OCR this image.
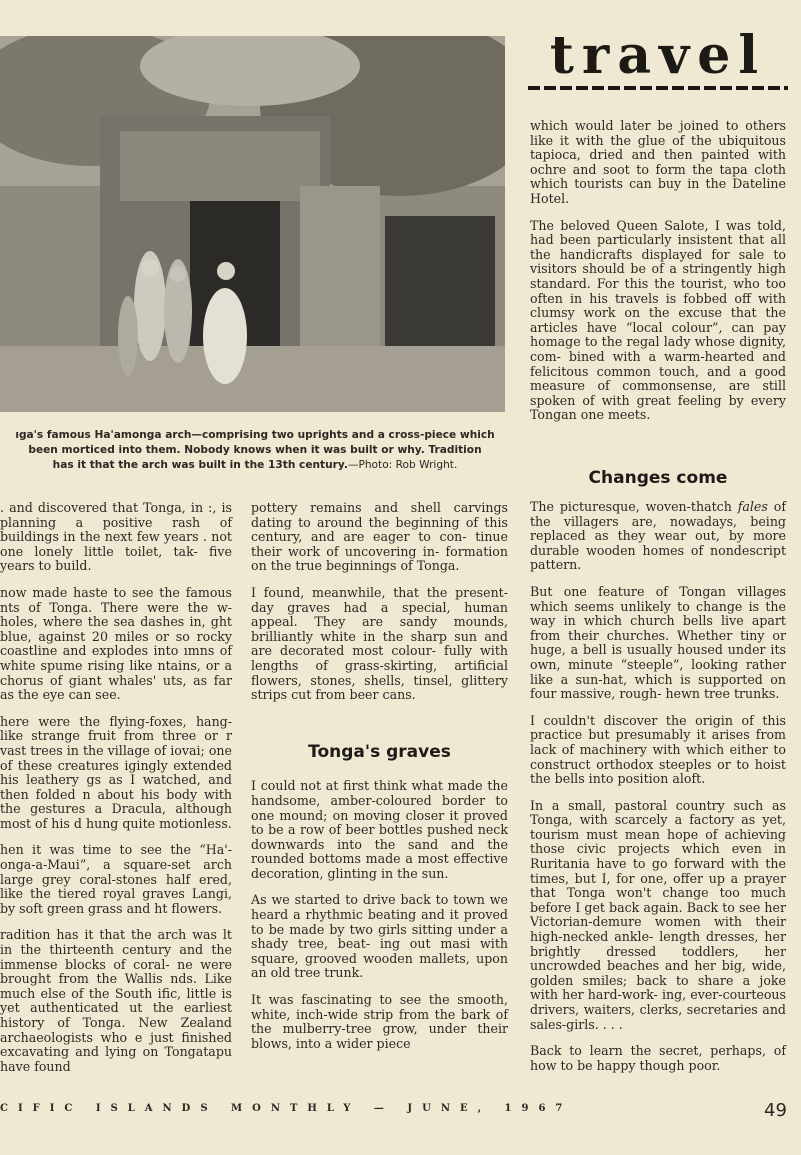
ıga's famous Ha'amonga arch—comprising two uprights and a cross-piece which
been morticed into them. Nobody knows when it was built or why. Tradition
has it that the arch was built in the 13th century.—Photo: Rob Wright.
travel

. and discovered that Tonga, in :, is planning a positive rash of buildings in the next few years . not one lonely little toilet, tak- five years to build.

now made haste to see the famous nts of Tonga. There were the w-holes, where the sea dashes in, ght blue, against 20 miles or so rocky coastline and explodes into ımns of white spume rising like ntains, or a chorus of giant whales' uts, as far as the eye can see.

here were the flying-foxes, hang- like strange fruit from three or r vast trees in the village of iovai; one of these creatures igingly extended his leathery gs as I watched, and then folded n about his body with the gestures a Dracula, although most of his d hung quite motionless.

hen it was time to see the “Ha'- onga-a-Maui”, a square-set arch large grey coral-stones half ered, like the tiered royal graves Langi, by soft green grass and ht flowers.

radition has it that the arch was lt in the thirteenth century and the immense blocks of coral- ne were brought from the Wallis nds. Like much else of the South ific, little is yet authenticated ut the earliest history of Tonga. New Zealand archaeologists who e just finished excavating and lying on Tongatapu have found

pottery remains and shell carvings dating to around the beginning of this century, and are eager to con- tinue their work of uncovering in- formation on the true beginnings of Tonga.

I found, meanwhile, that the present-day graves had a special, human appeal. They are sandy mounds, brilliantly white in the sharp sun and are decorated most colour- fully with lengths of grass-skirting, artificial flowers, stones, shells, tinsel, glittery strips cut from beer cans.

Tonga's graves

I could not at first think what made the handsome, amber-coloured border to one mound; on moving closer it proved to be a row of beer bottles pushed neck downwards into the sand and the rounded bottoms made a most effective decoration, glinting in the sun.

As we started to drive back to town we heard a rhythmic beating and it proved to be made by two girls sitting under a shady tree, beat- ing out masi with square, grooved wooden mallets, upon an old tree trunk.

It was fascinating to see the smooth, white, inch-wide strip from the bark of the mulberry-tree grow, under their blows, into a wider piece

which would later be joined to others like it with the glue of the ubiquitous tapioca, dried and then painted with ochre and soot to form the tapa cloth which tourists can buy in the Dateline Hotel.

The beloved Queen Salote, I was told, had been particularly insistent that all the handicrafts displayed for sale to visitors should be of a stringently high standard. For this the tourist, who too often in his travels is fobbed off with clumsy work on the excuse that the articles have “local colour”, can pay homage to the regal lady whose dignity, com- bined with a warm-hearted and felicitous common touch, and a good measure of commonsense, are still spoken of with great feeling by every Tongan one meets.

Changes come

The picturesque, woven-thatch fales of the villagers are, nowadays, being replaced as they wear out, by more durable wooden homes of nondescript pattern.

But one feature of Tongan villages which seems unlikely to change is the way in which church bells live apart from their churches. Whether tiny or huge, a bell is usually housed under its own, minute “steeple”, looking rather like a sun-hat, which is supported on four massive, rough- hewn tree trunks.

I couldn't discover the origin of this practice but presumably it arises from lack of machinery with which either to construct orthodox steeples or to hoist the bells into position aloft.

In a small, pastoral country such as Tonga, with scarcely a factory as yet, tourism must mean hope of achieving those civic projects which even in Ruritania have to go forward with the times, but I, for one, offer up a prayer that Tonga won't change too much before I get back again. Back to see her Victorian-demure women with their high-necked ankle- length dresses, her brightly dressed toddlers, her uncrowded beaches and her big, wide, golden smiles; back to share a joke with her hard-work- ing, ever-courteous drivers, waiters, clerks, secretaries and sales-girls. . . .

Back to learn the secret, perhaps, of how to be happy though poor.

CIFIC ISLANDS MONTHLY — JUNE, 1967	49
